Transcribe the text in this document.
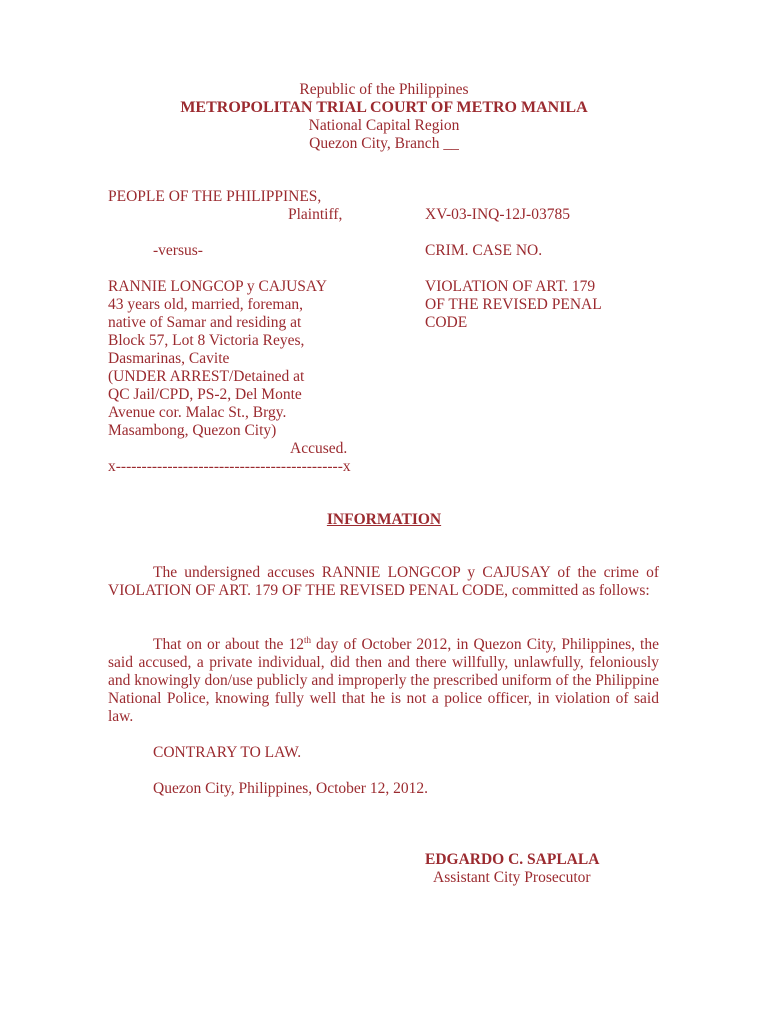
Republic of the Philippines
METROPOLITAN TRIAL COURT OF METRO MANILA
National Capital Region
Quezon City, Branch __
PEOPLE OF THE PHILIPPINES,
Plaintiff,
-versus-
RANNIE LONGCOP y CAJUSAY
43 years old, married, foreman,
native of Samar and residing at
Block 57, Lot 8 Victoria Reyes,
Dasmarinas, Cavite
(UNDER ARREST/Detained at
QC Jail/CPD, PS-2, Del Monte
Avenue cor. Malac St., Brgy.
Masambong, Quezon City)
Accused.
x--------------------------------------------x
XV-03-INQ-12J-03785
CRIM. CASE NO.
VIOLATION OF ART. 179
OF THE REVISED PENAL
CODE
INFORMATION
The undersigned accuses RANNIE LONGCOP y CAJUSAY of the crime of VIOLATION OF ART. 179 OF THE REVISED PENAL CODE, committed as follows:
That on or about the 12th day of October 2012, in Quezon City, Philippines, the said accused, a private individual, did then and there willfully, unlawfully, feloniously and knowingly don/use publicly and improperly the prescribed uniform of the Philippine National Police, knowing fully well that he is not a police officer, in violation of said law.
CONTRARY TO LAW.
Quezon City, Philippines, October 12, 2012.
EDGARDO C. SAPLALA
Assistant City Prosecutor
